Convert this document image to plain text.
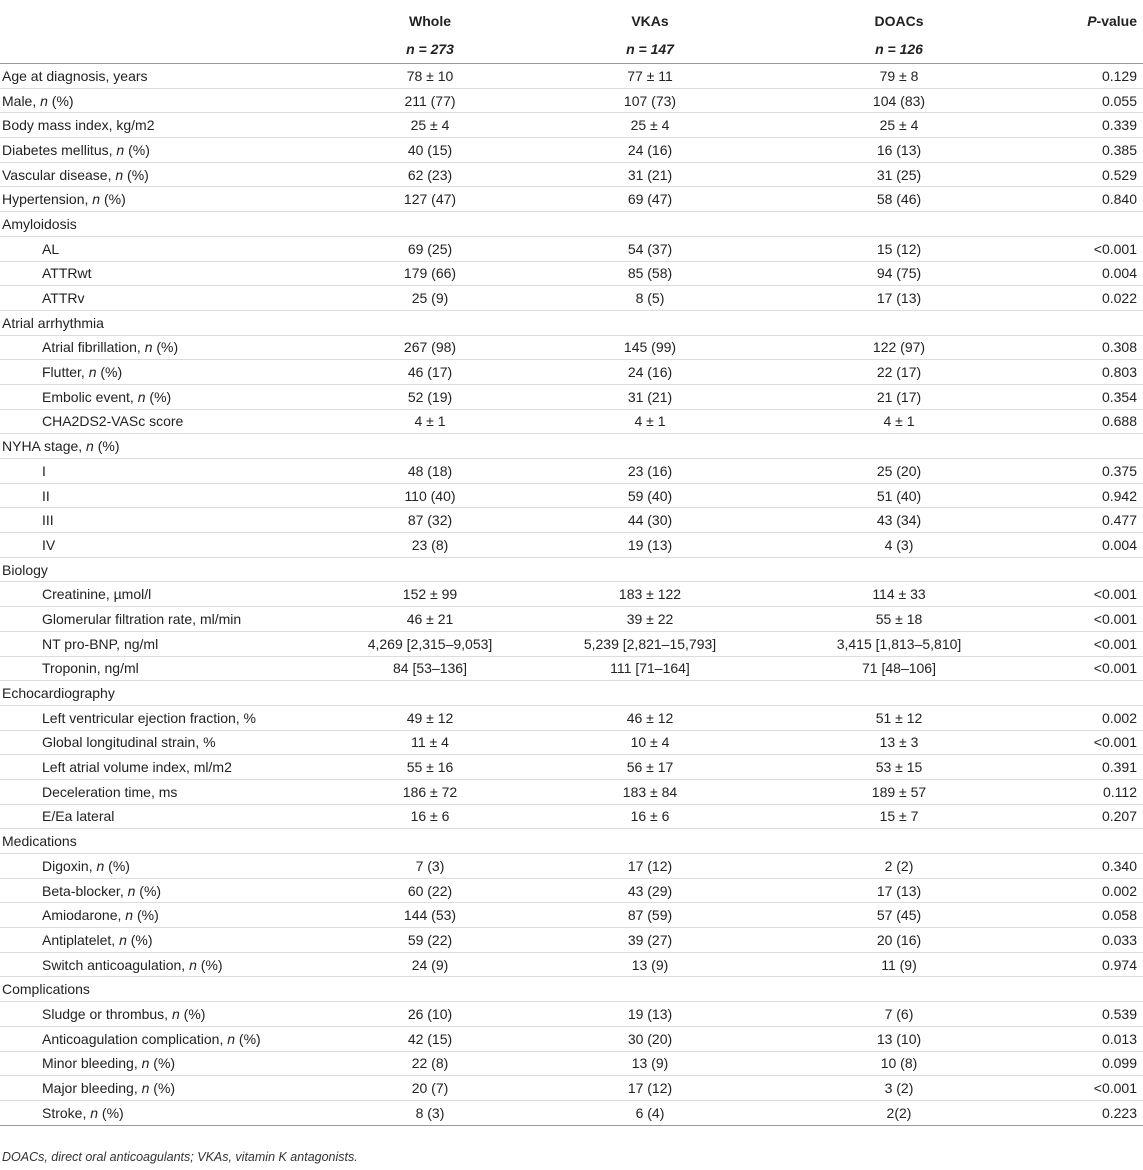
	Whole	VKAs	DOACs	P-value
	n = 273	n = 147	n = 126	
Age at diagnosis, years	78 ± 10	77 ± 11	79 ± 8	0.129
Male, n (%)	211 (77)	107 (73)	104 (83)	0.055
Body mass index, kg/m2	25 ± 4	25 ± 4	25 ± 4	0.339
Diabetes mellitus, n (%)	40 (15)	24 (16)	16 (13)	0.385
Vascular disease, n (%)	62 (23)	31 (21)	31 (25)	0.529
Hypertension, n (%)	127 (47)	69 (47)	58 (46)	0.840
Amyloidosis				
AL	69 (25)	54 (37)	15 (12)	<0.001
ATTRwt	179 (66)	85 (58)	94 (75)	0.004
ATTRv	25 (9)	8 (5)	17 (13)	0.022
Atrial arrhythmia				
Atrial fibrillation, n (%)	267 (98)	145 (99)	122 (97)	0.308
Flutter, n (%)	46 (17)	24 (16)	22 (17)	0.803
Embolic event, n (%)	52 (19)	31 (21)	21 (17)	0.354
CHA2DS2-VASc score	4 ± 1	4 ± 1	4 ± 1	0.688
NYHA stage, n (%)				
I	48 (18)	23 (16)	25 (20)	0.375
II	110 (40)	59 (40)	51 (40)	0.942
III	87 (32)	44 (30)	43 (34)	0.477
IV	23 (8)	19 (13)	4 (3)	0.004
Biology				
Creatinine, µmol/l	152 ± 99	183 ± 122	114 ± 33	<0.001
Glomerular filtration rate, ml/min	46 ± 21	39 ± 22	55 ± 18	<0.001
NT pro-BNP, ng/ml	4,269 [2,315–9,053]	5,239 [2,821–15,793]	3,415 [1,813–5,810]	<0.001
Troponin, ng/ml	84 [53–136]	111 [71–164]	71 [48–106]	<0.001
Echocardiography				
Left ventricular ejection fraction, %	49 ± 12	46 ± 12	51 ± 12	0.002
Global longitudinal strain, %	11 ± 4	10 ± 4	13 ± 3	<0.001
Left atrial volume index, ml/m2	55 ± 16	56 ± 17	53 ± 15	0.391
Deceleration time, ms	186 ± 72	183 ± 84	189 ± 57	0.112
E/Ea lateral	16 ± 6	16 ± 6	15 ± 7	0.207
Medications				
Digoxin, n (%)	7 (3)	17 (12)	2 (2)	0.340
Beta-blocker, n (%)	60 (22)	43 (29)	17 (13)	0.002
Amiodarone, n (%)	144 (53)	87 (59)	57 (45)	0.058
Antiplatelet, n (%)	59 (22)	39 (27)	20 (16)	0.033
Switch anticoagulation, n (%)	24 (9)	13 (9)	11 (9)	0.974
Complications				
Sludge or thrombus, n (%)	26 (10)	19 (13)	7 (6)	0.539
Anticoagulation complication, n (%)	42 (15)	30 (20)	13 (10)	0.013
Minor bleeding, n (%)	22 (8)	13 (9)	10 (8)	0.099
Major bleeding, n (%)	20 (7)	17 (12)	3 (2)	<0.001
Stroke, n (%)	8 (3)	6 (4)	2(2)	0.223
DOACs, direct oral anticoagulants; VKAs, vitamin K antagonists.
